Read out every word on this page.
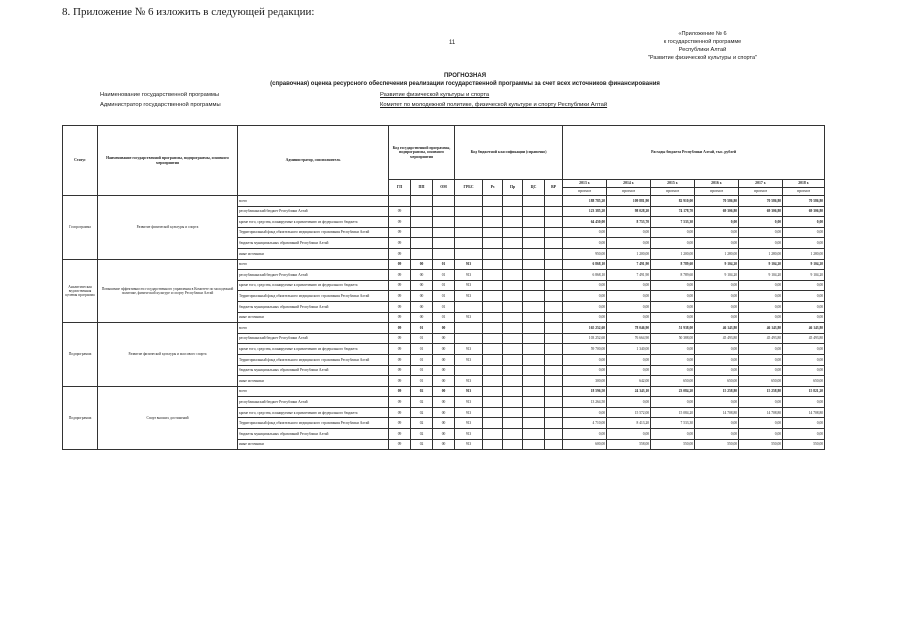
8. Приложение № 6 изложить в следующей редакции:
11
«Приложение № 6
к государственной программе
Республики Алтай
"Развитие физической культуры и спорта"
ПРОГНОЗНАЯ
(справочная) оценка ресурсного обеспечения реализации государственной программы за счет всех источников финансирования
Наименование государственной программы	Развитие физической культуры и спорта
Администратор государственной программы	Комитет по молодежной политике, физической культуре и спорту Республики Алтай
Статус	Наименование государственной программы, подпрограммы, основного мероприятия	Администратор, соисполнитель	Код государственной программы, подпрограммы, основного мероприятия			Код бюджетной классификации (справочно)					Расходы бюджета Республики Алтай, тыс. рублей					
			ГП	ПП	ОМ	ГРБС	Рз	Пр	ЦС	ВР	2013 г.	2014 г.	2015 г.	2016 г.	2017 г.	2018 г.
											прогноз	прогноз	прогноз	прогноз	прогноз	прогноз
Госпрограмма	Развитие физической культуры и спорта	всего									188 785,20	109 881,90	82 910,00	70 586,80	70 586,80	70 586,80
		республиканский бюджет Республики Алтай	09								123 385,20	98 028,20	74 178,70	69 306,80	69 306,80	69 306,80
		кроме того, средства, планируемые к привлечению из федерального бюджета	09								64 450,00	8 753,70	7 533,30	0,00	0,00	0,00
		Территориальный фонд обязательного медицинского страхования Республики Алтай	09								0,00	0,00	0,00	0,00	0,00	0,00
		бюджеты муниципальных образований Республики Алтай	09								0,00	0,00	0,00	0,00	0,00	0,00
		иные источники	09								950,00	1 200,00	1 200,00	1 280,00	1 280,00	1 280,00
Аналитическая ведомственная целевая программа	Повышение эффективности государственного управления в Комитете по молодежной политике, физической культуре и спорту Республики Алтай	всего	09	00	01	913					6 868,10	7 491,90	8 789,60	9 104,20	9 104,20	9 104,20
		республиканский бюджет Республики Алтай	09	00	01	913					6 868,10	7 491,90	8 789,60	9 104,20	9 104,20	9 104,20
		кроме того, средства, планируемые к привлечению из федерального бюджета	09	00	01	913					0,00	0,00	0,00	0,00	0,00	0,00
		Территориальный фонд обязательного медицинского страхования Республики Алтай	09	00	01	913					0,00	0,00	0,00	0,00	0,00	0,00
		бюджеты муниципальных образований Республики Алтай	09	00	01						0,00	0,00	0,00	0,00	0,00	0,00
		иные источники	09	00	01	913					0,00	0,00	0,00	0,00	0,00	0,00
Подпрограмма	Развитие физической культуры и массового спорта	всего	09	01	00						165 252,60	78 046,90	51 938,00	46 143,80	46 143,80	46 143,80
		республиканский бюджет Республики Алтай	09	01	00						103 252,60	76 664,90	50 388,00	45 493,80	45 493,80	45 493,80
		кроме того, средства, планируемые к привлечению из федерального бюджета	09	01	00	913					59 700,00	1 340,00	0,00	0,00	0,00	0,00
		Территориальный фонд обязательного медицинского страхования Республики Алтай	09	01	00	913					0,00	0,00	0,00	0,00	0,00	0,00
		бюджеты муниципальных образований Республики Алтай	09	01	00						0,00	0,00	0,00	0,00	0,00	0,00
		иные источники	09	01	00	913					300,00	642,00	650,00	650,00	650,00	650,00
Подпрограмма	Спорт высших достижений	всего	09	02	00	913					18 596,50	24 343,10	23 084,20	15 258,80	15 258,80	15 821,20
		республиканский бюджет Республики Алтай	09	02	00	913					13 264,50	0,00	0,00	0,00	0,00	0,00
		кроме того, средства, планируемые к привлечению из федерального бюджета	09	02	00	913					0,00	15 572,00	15 084,20	14 708,80	14 708,80	14 708,80
		Территориальный фонд обязательного медицинского страхования Республики Алтай	09	02	00	913					4 710,00	8 413,20	7 533,30	0,00	0,00	0,00
		бюджеты муниципальных образований Республики Алтай	09	02	00	913					0,00	0,00	0,00	0,00	0,00	0,00
		иные источники	09	02	00	913					600,00	558,00	550,00	550,00	550,00	550,00
